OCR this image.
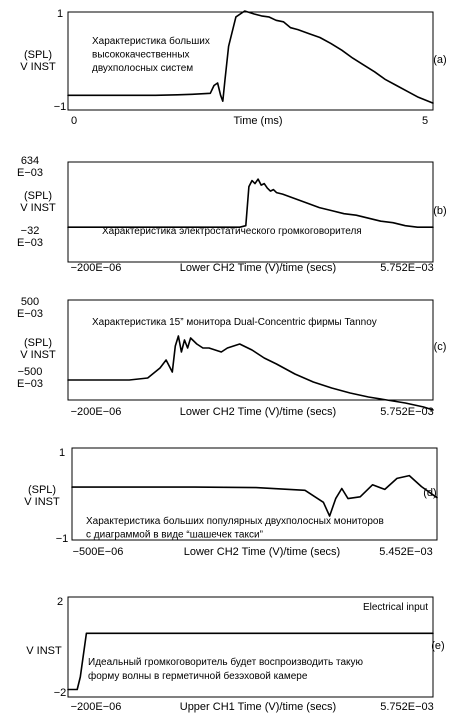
(SPL)
V INST
1
−1
0	Time (ms)	5
(a)
Характеристика больших
высококачественных
двухполосных систем
(SPL)
V INST
634
E−03
−32
E−03
−200E−06	Lower CH2 Time (V)/time (secs)	5.752E−03
(b)
Характеристика электростатического громкоговорителя
(SPL)
V INST
500
E−03
−500
E−03
−200E−06	Lower CH2 Time (V)/time (secs)	5.752E−03
(c)
Характеристика 15” монитора Dual-Concentric фирмы Tannoy
(SPL)
V INST
1
−1
−500E−06	Lower CH2 Time (V)/time (secs)	5.452E−03
(d)
Характеристика больших популярных двухполосных мониторов
с диаграммой в виде “шашечек такси”
V INST
2
−2
−200E−06	Upper CH1 Time (V)/time (secs)	5.752E−03
(e)
Идеальный громкоговоритель будет воспроизводить такую
форму волны в герметичной безэховой камере
Electrical input
